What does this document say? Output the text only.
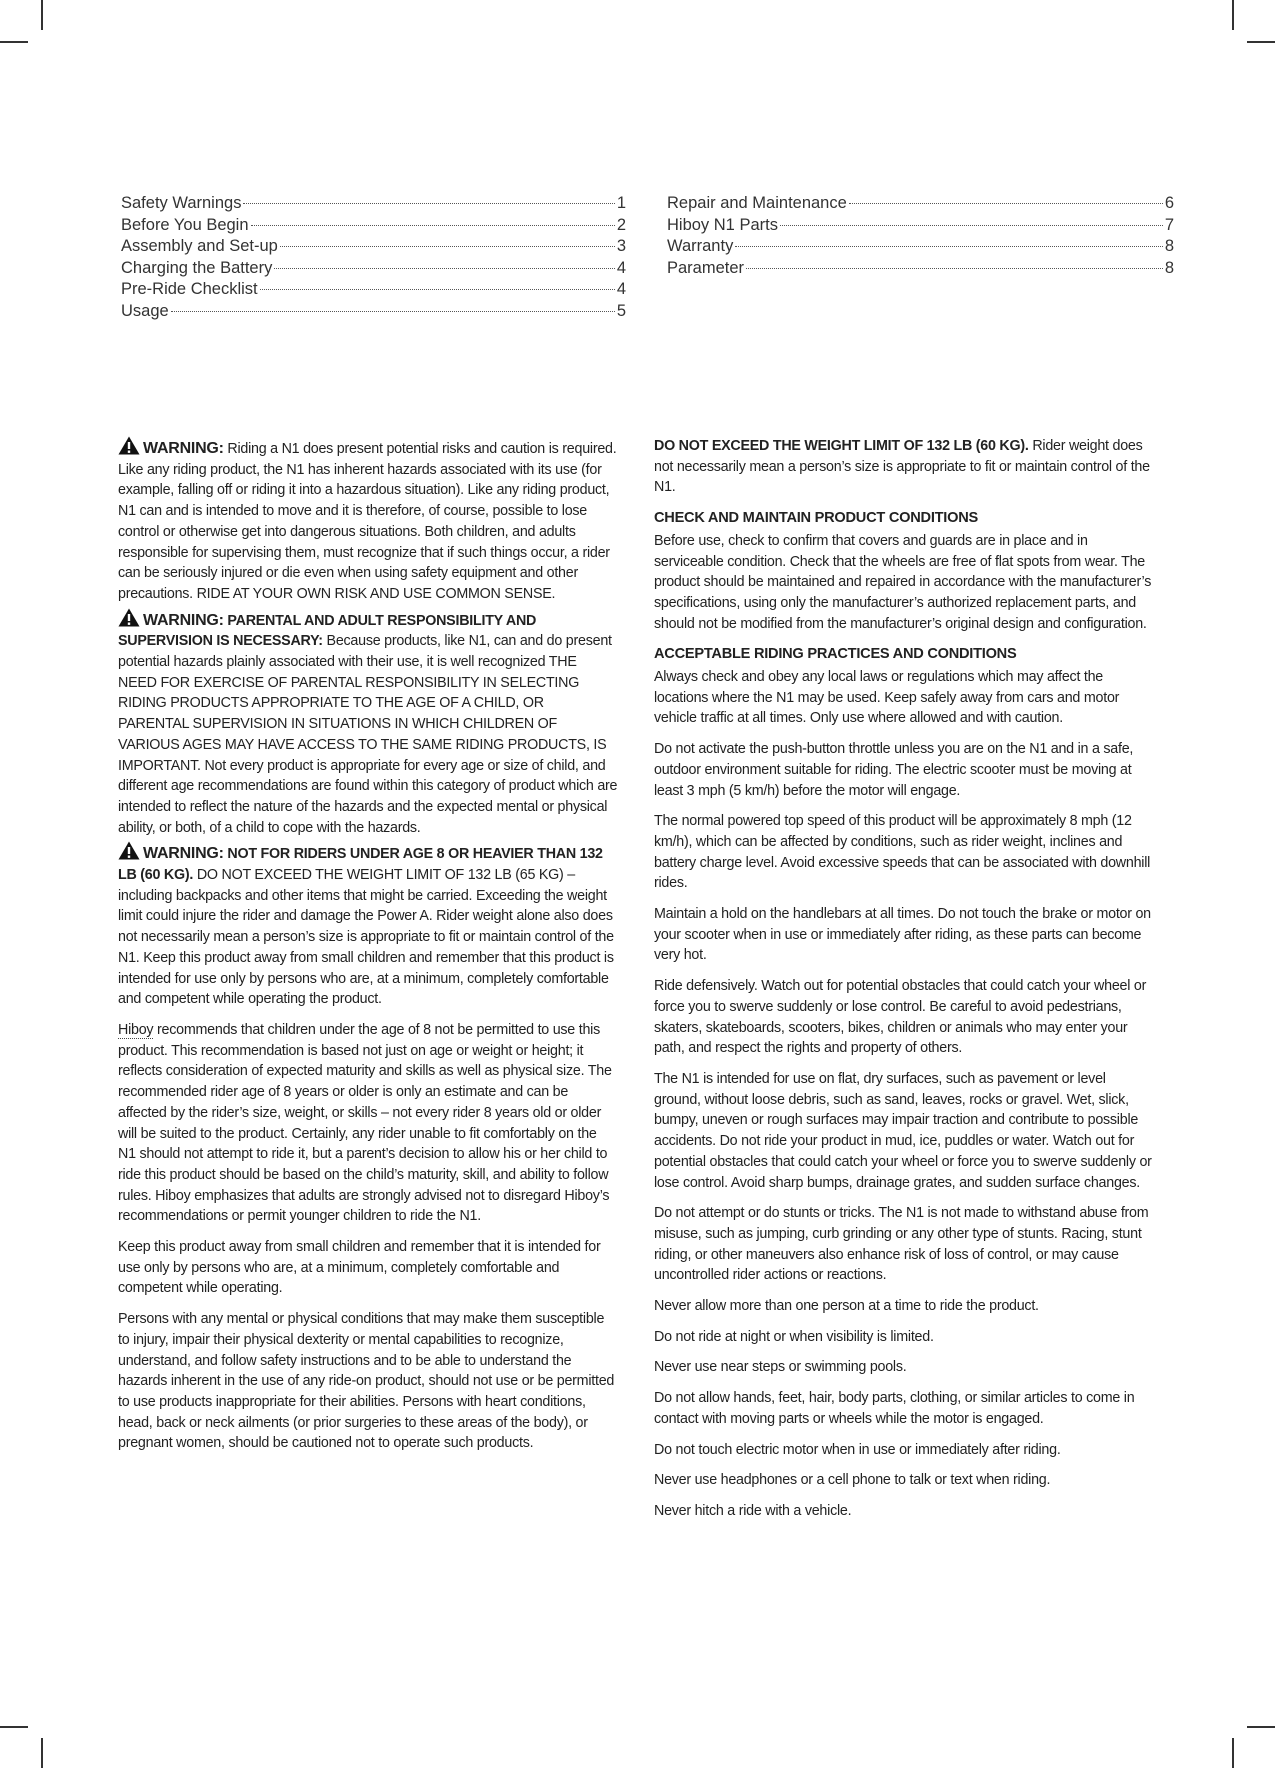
Safety Warnings	1
Before You Begin	2
Assembly and Set-up	3
Charging the Battery	4
Pre-Ride Checklist	4
Usage	5
Repair and Maintenance	6
Hiboy N1 Parts	7
Warranty	8
Parameter	8

WARNING: Riding a N1 does present potential risks and caution is required. Like any riding product, the N1 has inherent hazards associated with its use (for example, falling off or riding it into a hazardous situation). Like any riding product, N1 can and is intended to move and it is therefore, of course, possible to lose control or otherwise get into dangerous situations. Both children, and adults responsible for supervising them, must recognize that if such things occur, a rider can be seriously injured or die even when using safety equipment and other precautions. RIDE AT YOUR OWN RISK AND USE COMMON SENSE.

WARNING: PARENTAL AND ADULT RESPONSIBILITY AND SUPERVISION IS NECESSARY: Because products, like N1, can and do present potential hazards plainly associated with their use, it is well recognized THE NEED FOR EXERCISE OF PARENTAL RESPONSIBILITY IN SELECTING RIDING PRODUCTS APPROPRIATE TO THE AGE OF A CHILD, OR PARENTAL SUPERVISION IN SITUATIONS IN WHICH CHILDREN OF VARIOUS AGES MAY HAVE ACCESS TO THE SAME RIDING PRODUCTS, IS IMPORTANT. Not every product is appropriate for every age or size of child, and different age recommendations are found within this category of product which are intended to reflect the nature of the hazards and the expected mental or physical ability, or both, of a child to cope with the hazards.

WARNING: NOT FOR RIDERS UNDER AGE 8 OR HEAVIER THAN 132 LB (60 KG). DO NOT EXCEED THE WEIGHT LIMIT OF 132 LB (65 KG) – including backpacks and other items that might be carried. Exceeding the weight limit could injure the rider and damage the Power A. Rider weight alone also does not necessarily mean a person’s size is appropriate to fit or maintain control of the N1. Keep this product away from small children and remember that this product is intended for use only by persons who are, at a minimum, completely comfortable and competent while operating the product.

Hiboy recommends that children under the age of 8 not be permitted to use this product. This recommendation is based not just on age or weight or height; it reflects consideration of expected maturity and skills as well as physical size. The recommended rider age of 8 years or older is only an estimate and can be affected by the rider’s size, weight, or skills – not every rider 8 years old or older will be suited to the product. Certainly, any rider unable to fit comfortably on the N1 should not attempt to ride it, but a parent’s decision to allow his or her child to ride this product should be based on the child’s maturity, skill, and ability to follow rules. Hiboy emphasizes that adults are strongly advised not to disregard Hiboy’s recommendations or permit younger children to ride the N1.

Keep this product away from small children and remember that it is intended for use only by persons who are, at a minimum, completely comfortable and competent while operating.

Persons with any mental or physical conditions that may make them susceptible to injury, impair their physical dexterity or mental capabilities to recognize, understand, and follow safety instructions and to be able to understand the hazards inherent in the use of any ride-on product, should not use or be permitted to use products inappropriate for their abilities. Persons with heart conditions, head, back or neck ailments (or prior surgeries to these areas of the body), or pregnant women, should be cautioned not to operate such products.

DO NOT EXCEED THE WEIGHT LIMIT OF 132 LB (60 KG). Rider weight does not necessarily mean a person’s size is appropriate to fit or maintain control of the N1.

CHECK AND MAINTAIN PRODUCT CONDITIONS

Before use, check to confirm that covers and guards are in place and in serviceable condition. Check that the wheels are free of flat spots from wear. The product should be maintained and repaired in accordance with the manufacturer’s specifications, using only the manufacturer’s authorized replacement parts, and should not be modified from the manufacturer’s original design and configuration.

ACCEPTABLE RIDING PRACTICES AND CONDITIONS

Always check and obey any local laws or regulations which may affect the locations where the N1 may be used. Keep safely away from cars and motor vehicle traffic at all times. Only use where allowed and with caution.

Do not activate the push-button throttle unless you are on the N1 and in a safe, outdoor environment suitable for riding. The electric scooter must be moving at least 3 mph (5 km/h) before the motor will engage.

The normal powered top speed of this product will be approximately 8 mph (12 km/h), which can be affected by conditions, such as rider weight, inclines and battery charge level. Avoid excessive speeds that can be associated with downhill rides.

Maintain a hold on the handlebars at all times. Do not touch the brake or motor on your scooter when in use or immediately after riding, as these parts can become very hot.

Ride defensively. Watch out for potential obstacles that could catch your wheel or force you to swerve suddenly or lose control. Be careful to avoid pedestrians, skaters, skateboards, scooters, bikes, children or animals who may enter your path, and respect the rights and property of others.

The N1 is intended for use on flat, dry surfaces, such as pavement or level ground, without loose debris, such as sand, leaves, rocks or gravel. Wet, slick, bumpy, uneven or rough surfaces may impair traction and contribute to possible accidents. Do not ride your product in mud, ice, puddles or water. Watch out for potential obstacles that could catch your wheel or force you to swerve suddenly or lose control. Avoid sharp bumps, drainage grates, and sudden surface changes.

Do not attempt or do stunts or tricks. The N1 is not made to withstand abuse from misuse, such as jumping, curb grinding or any other type of stunts. Racing, stunt riding, or other maneuvers also enhance risk of loss of control, or may cause uncontrolled rider actions or reactions.

Never allow more than one person at a time to ride the product.

Do not ride at night or when visibility is limited.

Never use near steps or swimming pools.

Do not allow hands, feet, hair, body parts, clothing, or similar articles to come in contact with moving parts or wheels while the motor is engaged.

Do not touch electric motor when in use or immediately after riding.

Never use headphones or a cell phone to talk or text when riding.

Never hitch a ride with a vehicle.
